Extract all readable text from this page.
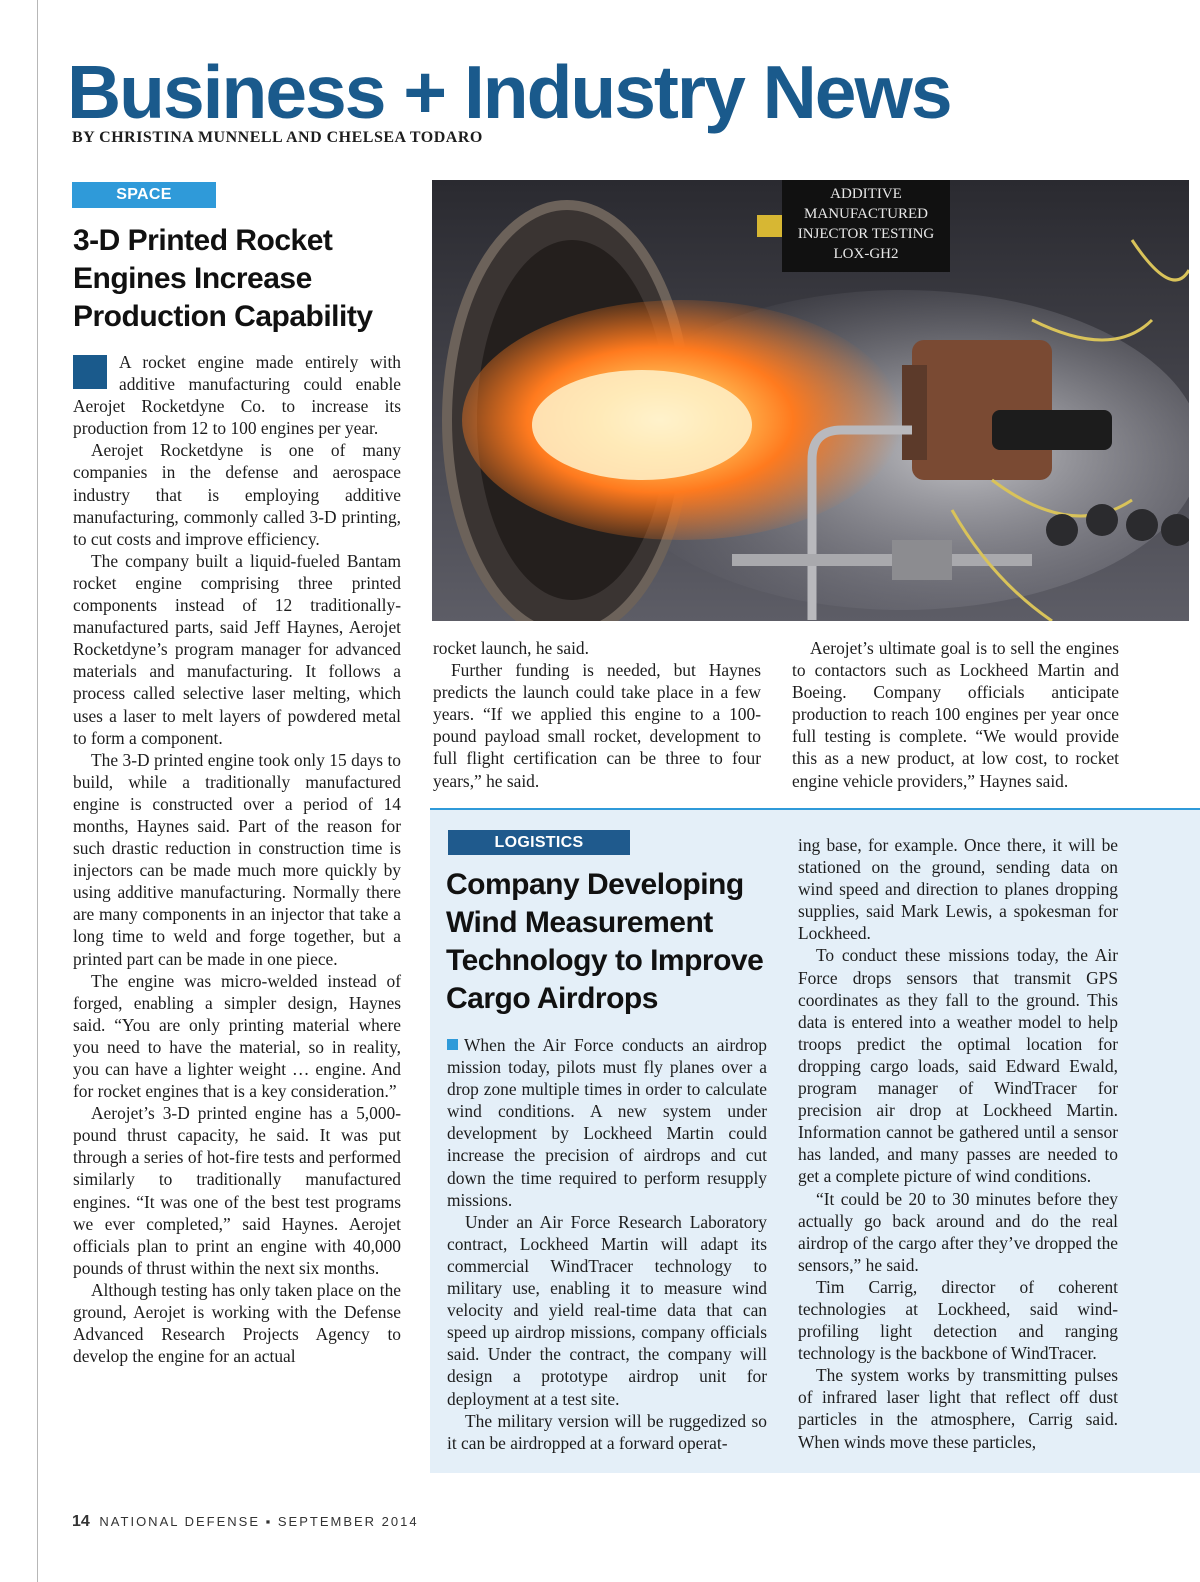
Business + Industry News
BY CHRISTINA MUNNELL AND CHELSEA TODARO
SPACE
3-D Printed Rocket
Engines Increase
Production Capability

A rocket engine made entirely with additive manufacturing could enable Aerojet Rocketdyne Co. to increase its production from 12 to 100 engines per year.

Aerojet Rocketdyne is one of many companies in the defense and aerospace industry that is employing additive manufacturing, commonly called 3-D printing, to cut costs and improve efficiency.

The company built a liquid-fueled Bantam rocket engine comprising three printed components instead of 12 traditionally-manufactured parts, said Jeff Haynes, Aerojet Rocketdyne’s program manager for advanced materials and manufacturing. It follows a process called selective laser melting, which uses a laser to melt layers of powdered metal to form a component.

The 3-D printed engine took only 15 days to build, while a traditionally manufactured engine is constructed over a period of 14 months, Haynes said. Part of the reason for such drastic reduction in construction time is injectors can be made much more quickly by using additive manufacturing. Normally there are many components in an injector that take a long time to weld and forge together, but a printed part can be made in one piece.

The engine was micro-welded instead of forged, enabling a simpler design, Haynes said. “You are only printing material where you need to have the material, so in reality, you can have a lighter weight … engine. And for rocket engines that is a key consideration.”

Aerojet’s 3-D printed engine has a 5,000-pound thrust capacity, he said. It was put through a series of hot-fire tests and performed similarly to traditionally manufactured engines. “It was one of the best test programs we ever completed,” said Haynes. Aerojet officials plan to print an engine with 40,000 pounds of thrust within the next six months.

Although testing has only taken place on the ground, Aerojet is working with the Defense Advanced Research Projects Agency to develop the engine for an actual

ADDITIVE MANUFACTURED
INJECTOR TESTING
LOX-GH2

rocket launch, he said.

Further funding is needed, but Haynes predicts the launch could take place in a few years. “If we applied this engine to a 100-pound payload small rocket, development to full flight certification can be three to four years,” he said.

Aerojet’s ultimate goal is to sell the engines to contactors such as Lockheed Martin and Boeing. Company officials anticipate production to reach 100 engines per year once full testing is complete. “We would provide this as a new product, at low cost, to rocket engine vehicle providers,” Haynes said.

LOGISTICS
Company Developing
Wind Measurement
Technology to Improve
Cargo Airdrops

When the Air Force conducts an airdrop mission today, pilots must fly planes over a drop zone multiple times in order to calculate wind conditions. A new system under development by Lockheed Martin could increase the precision of airdrops and cut down the time required to perform resupply missions.

Under an Air Force Research Laboratory contract, Lockheed Martin will adapt its commercial WindTracer technology to military use, enabling it to measure wind velocity and yield real-time data that can speed up airdrop missions, company officials said. Under the contract, the company will design a prototype airdrop unit for deployment at a test site.

The military version will be ruggedized so it can be airdropped at a forward operat-

ing base, for example. Once there, it will be stationed on the ground, sending data on wind speed and direction to planes dropping supplies, said Mark Lewis, a spokesman for Lockheed.

To conduct these missions today, the Air Force drops sensors that transmit GPS coordinates as they fall to the ground. This data is entered into a weather model to help troops predict the optimal location for dropping cargo loads, said Edward Ewald, program manager of WindTracer for precision air drop at Lockheed Martin. Information cannot be gathered until a sensor has landed, and many passes are needed to get a complete picture of wind conditions.

“It could be 20 to 30 minutes before they actually go back around and do the real airdrop of the cargo after they’ve dropped the sensors,” he said.

Tim Carrig, director of coherent technologies at Lockheed, said wind-profiling light detection and ranging technology is the backbone of WindTracer.

The system works by transmitting pulses of infrared laser light that reflect off dust particles in the atmosphere, Carrig said. When winds move these particles,

14 NATIONAL DEFENSE ▪ SEPTEMBER 2014
